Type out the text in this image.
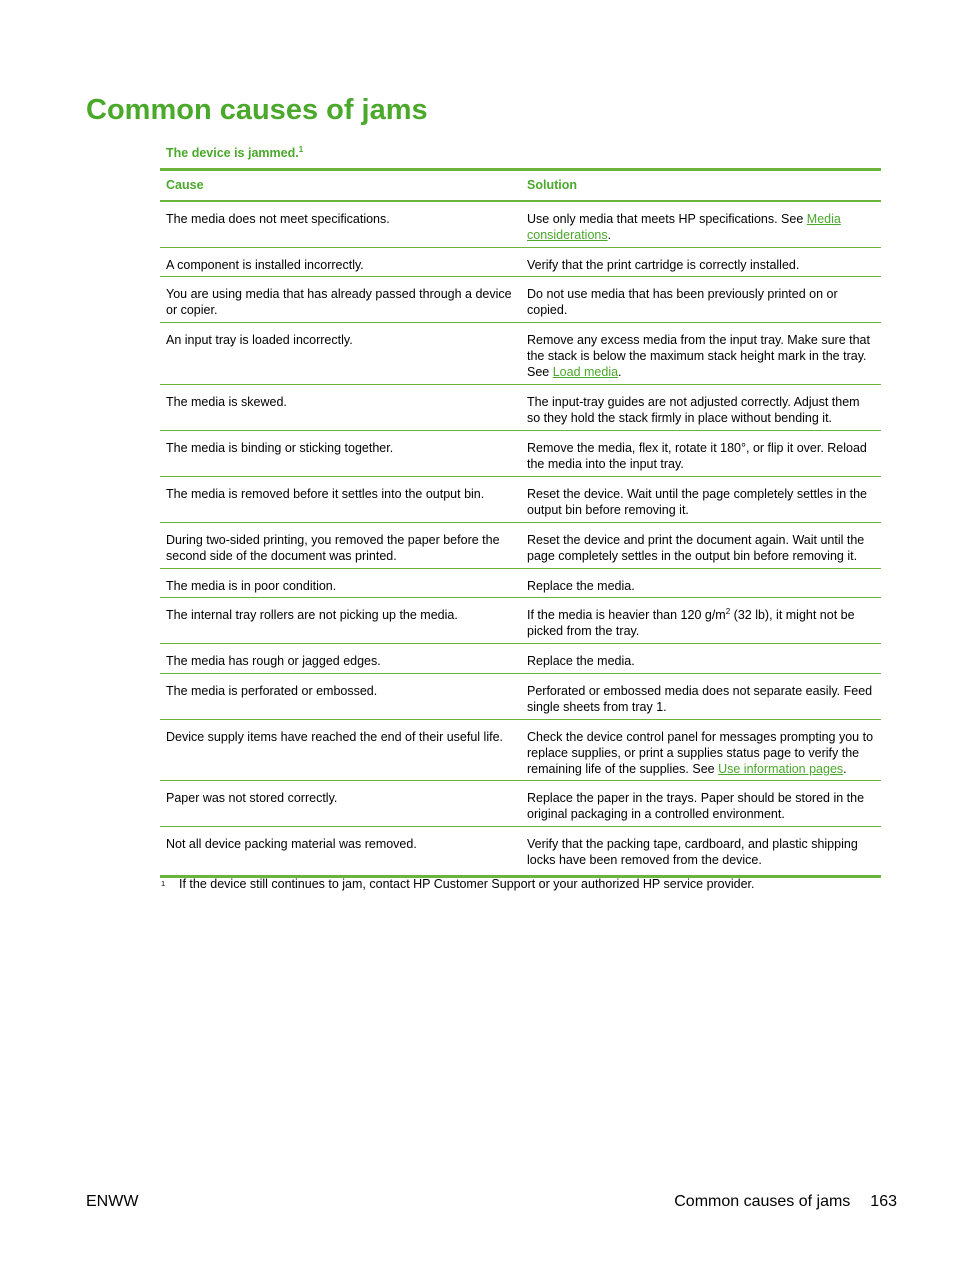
Common causes of jams
The device is jammed.$^1$
Cause	Solution
The media does not meet specifications.	Use only media that meets HP specifications. See Media considerations.
A component is installed incorrectly.	Verify that the print cartridge is correctly installed.
You are using media that has already passed through a device or copier.	Do not use media that has been previously printed on or copied.
An input tray is loaded incorrectly.	Remove any excess media from the input tray. Make sure that the stack is below the maximum stack height mark in the tray. See Load media.
The media is skewed.	The input-tray guides are not adjusted correctly. Adjust them so they hold the stack firmly in place without bending it.
The media is binding or sticking together.	Remove the media, flex it, rotate it 180°, or flip it over. Reload the media into the input tray.
The media is removed before it settles into the output bin.	Reset the device. Wait until the page completely settles in the output bin before removing it.
During two-sided printing, you removed the paper before the second side of the document was printed.	Reset the device and print the document again. Wait until the page completely settles in the output bin before removing it.
The media is in poor condition.	Replace the media.
The internal tray rollers are not picking up the media.	If the media is heavier than 120 $g/m^2$ (32 lb), it might not be picked from the tray.
The media has rough or jagged edges.	Replace the media.
The media is perforated or embossed.	Perforated or embossed media does not separate easily. Feed single sheets from tray 1.
Device supply items have reached the end of their useful life.	Check the device control panel for messages prompting you to replace supplies, or print a supplies status page to verify the remaining life of the supplies. See Use information pages.
Paper was not stored correctly.	Replace the paper in the trays. Paper should be stored in the original packaging in a controlled environment.
Not all device packing material was removed.	Verify that the packing tape, cardboard, and plastic shipping locks have been removed from the device.
1 If the device still continues to jam, contact HP Customer Support or your authorized HP service provider.
ENWW	Common causes of jams 163
